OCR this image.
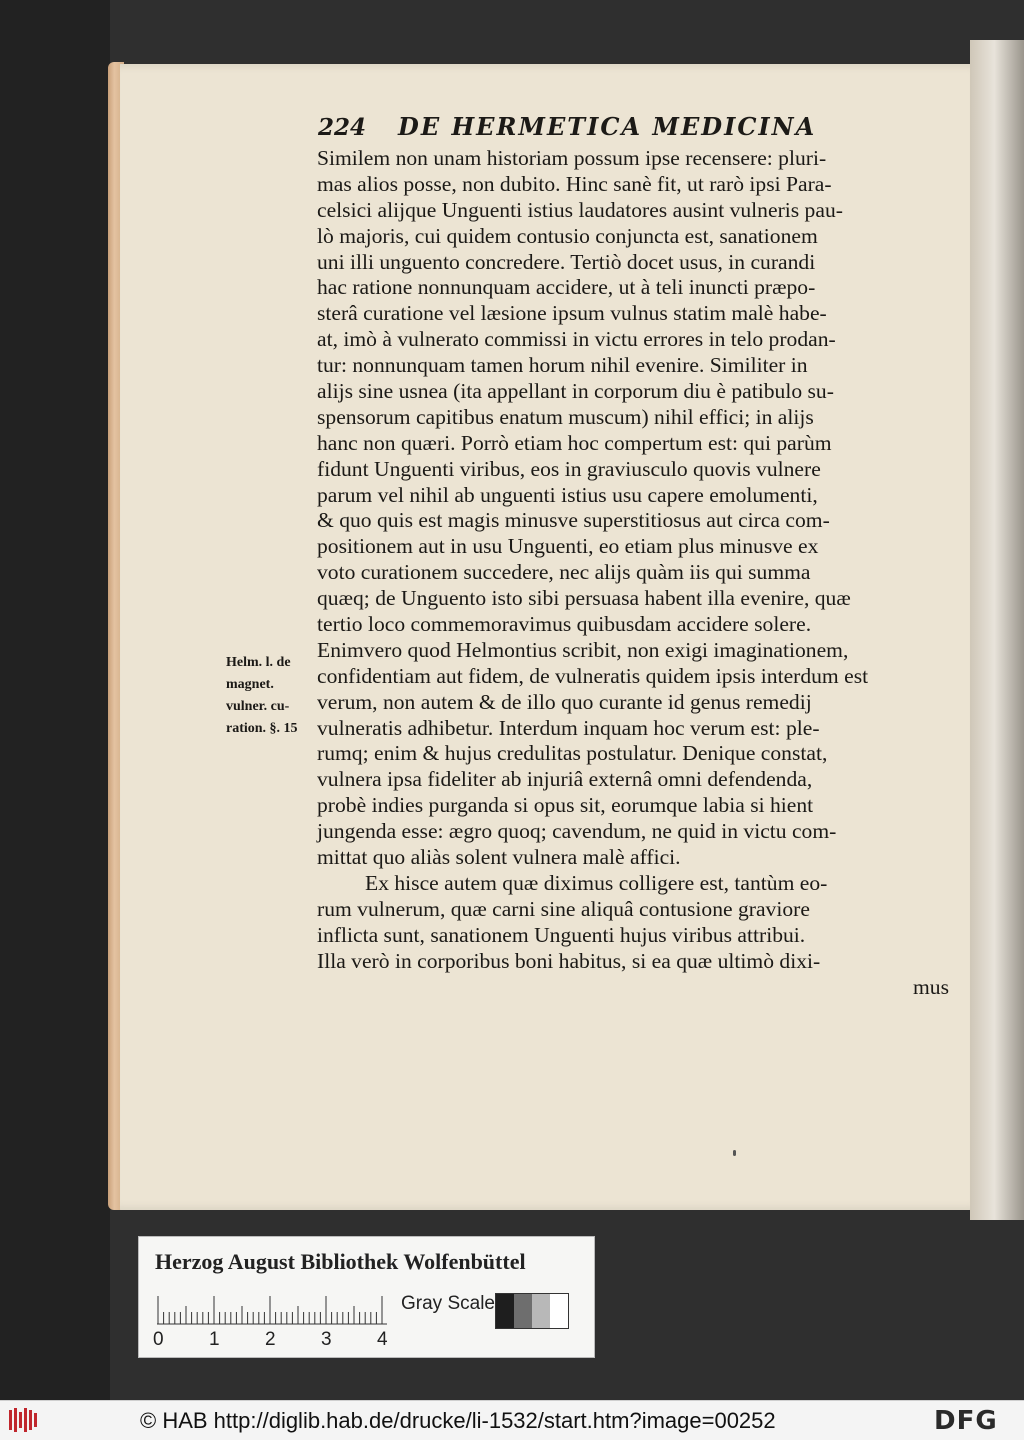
224 DE HERMETICA MEDICINA
Similem non unam historiam possum ipse recensere: pluri-
mas alios posse, non dubito. Hinc sanè fit, ut rarò ipsi Para-
celsici alijque Unguenti istius laudatores ausint vulneris pau-
lò majoris, cui quidem contusio conjuncta est, sanationem
uni illi unguento concredere. Tertiò docet usus, in curandi
hac ratione nonnunquam accidere, ut à teli inuncti præpo-
sterâ curatione vel læsione ipsum vulnus statim malè habe-
at, imò à vulnerato commissi in victu errores in telo prodan-
tur: nonnunquam tamen horum nihil evenire. Similiter in
alijs sine usnea (ita appellant in corporum diu è patibulo su-
spensorum capitibus enatum muscum) nihil effici; in alijs
hanc non quæri. Porrò etiam hoc compertum est: qui parùm
fidunt Unguenti viribus, eos in graviusculo quovis vulnere
parum vel nihil ab unguenti istius usu capere emolumenti,
& quo quis est magis minusve superstitiosus aut circa com-
positionem aut in usu Unguenti, eo etiam plus minusve ex
voto curationem succedere, nec alijs quàm iis qui summa
quæq; de Unguento isto sibi persuasa habent illa evenire, quæ
tertio loco commemoravimus quibusdam accidere solere.
Enimvero quod Helmontius scribit, non exigi imaginationem,
confidentiam aut fidem, de vulneratis quidem ipsis interdum est
verum, non autem & de illo quo curante id genus remedij
vulneratis adhibetur. Interdum inquam hoc verum est: ple-
rumq; enim & hujus credulitas postulatur. Denique constat,
vulnera ipsa fideliter ab injuriâ externâ omni defendenda,
probè indies purganda si opus sit, eorumque labia si hient
jungenda esse: ægro quoq; cavendum, ne quid in victu com-
mittat quo aliàs solent vulnera malè affici.
Ex hisce autem quæ diximus colligere est, tantùm eo-
rum vulnerum, quæ carni sine aliquâ contusione graviore
inflicta sunt, sanationem Unguenti hujus viribus attribui.
Illa verò in corporibus boni habitus, si ea quæ ultimò dixi-
mus
Helm. l. de
magnet.
vulner. cu-
ration. §. 15
Herzog August Bibliothek Wolfenbüttel
0 1 2 3 4
Gray Scale
© HAB http://diglib.hab.de/drucke/li-1532/start.htm?image=00252	DFG
